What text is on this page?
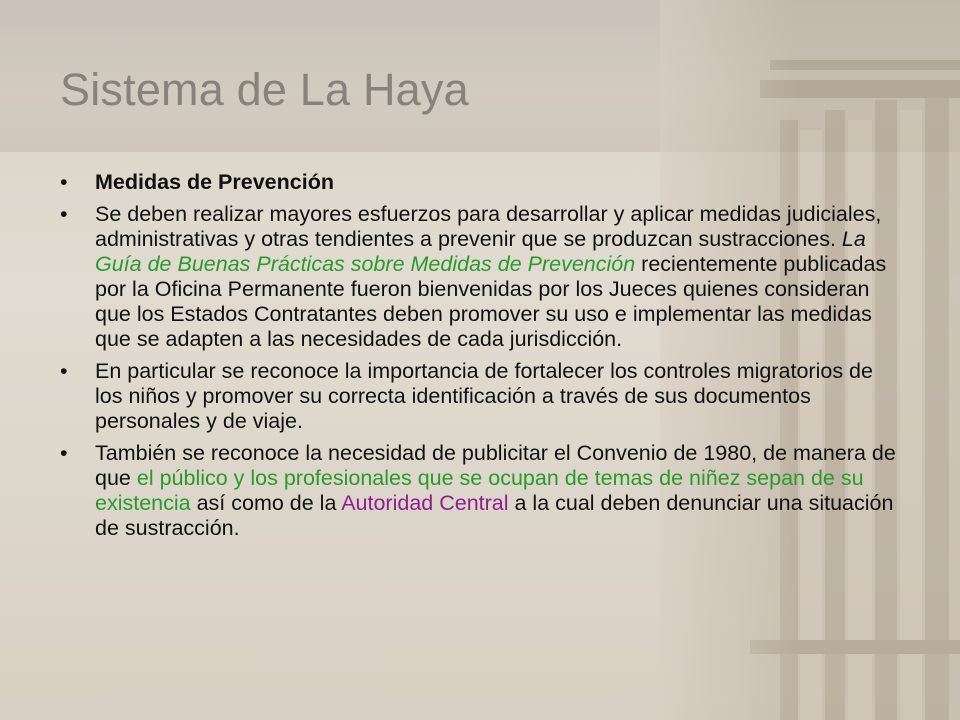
Sistema de La Haya
• Medidas de Prevención
• Se deben realizar mayores esfuerzos para desarrollar y aplicar medidas judiciales, administrativas y otras tendientes a prevenir que se produzcan sustracciones. La Guía de Buenas Prácticas sobre Medidas de Prevención recientemente publicadas por la Oficina Permanente fueron bienvenidas por los Jueces quienes consideran que los Estados Contratantes deben promover su uso e implementar las medidas que se adapten a las necesidades de cada jurisdicción.
• En particular se reconoce la importancia de fortalecer los controles migratorios de los niños y promover su correcta identificación a través de sus documentos personales y de viaje.
• También se reconoce la necesidad de publicitar el Convenio de 1980, de manera de que el público y los profesionales que se ocupan de temas de niñez sepan de su existencia así como de la Autoridad Central a la cual deben denunciar una situación de sustracción.
